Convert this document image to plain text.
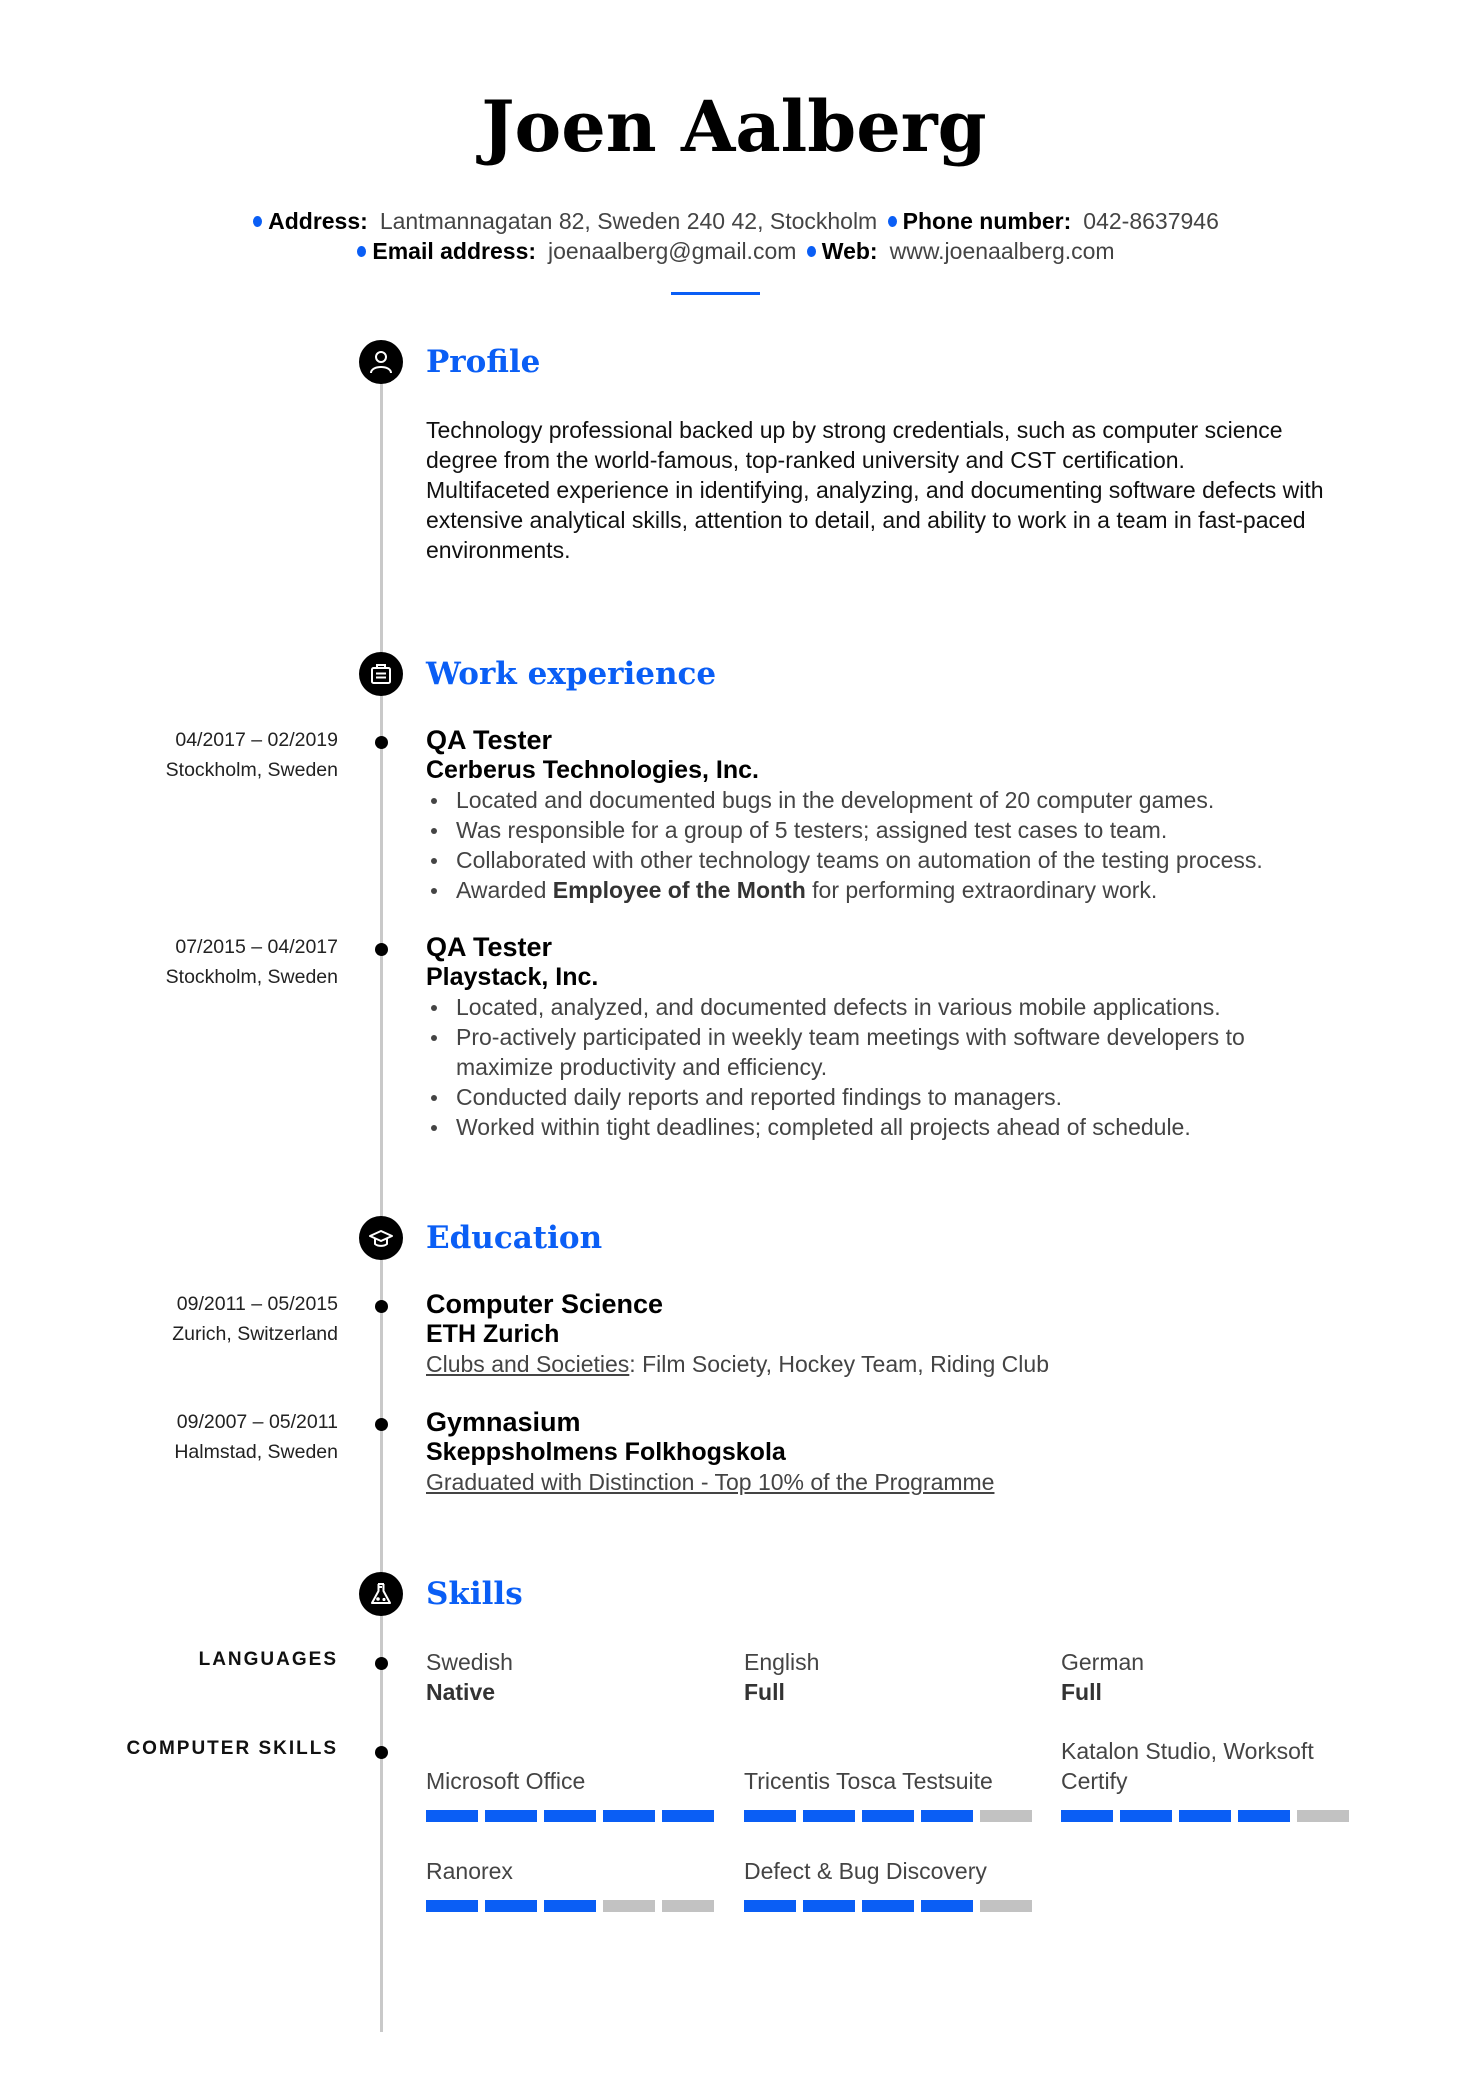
Joen Aalberg
Address: Lantmannagatan 82, Sweden 240 42, Stockholm Phone number: 042-8637946
Email address: joenaalberg@gmail.com Web: www.joenaalberg.com
Profile
Technology professional backed up by strong credentials, such as computer science
degree from the world-famous, top-ranked university and CST certification.
Multifaceted experience in identifying, analyzing, and documenting software defects with
extensive analytical skills, attention to detail, and ability to work in a team in fast-paced
environments.
Work experience
04/2017 – 02/2019
Stockholm, Sweden
QA Tester
Cerberus Technologies, Inc.
Located and documented bugs in the development of 20 computer games.
Was responsible for a group of 5 testers; assigned test cases to team.
Collaborated with other technology teams on automation of the testing process.
Awarded Employee of the Month for performing extraordinary work.
07/2015 – 04/2017
Stockholm, Sweden
QA Tester
Playstack, Inc.
Located, analyzed, and documented defects in various mobile applications.
Pro-actively participated in weekly team meetings with software developers to maximize productivity and efficiency.
Conducted daily reports and reported findings to managers.
Worked within tight deadlines; completed all projects ahead of schedule.
Education
09/2011 – 05/2015
Zurich, Switzerland
Computer Science
ETH Zurich
Clubs and Societies: Film Society, Hockey Team, Riding Club
09/2007 – 05/2011
Halmstad, Sweden
Gymnasium
Skeppsholmens Folkhogskola
Graduated with Distinction - Top 10% of the Programme
Skills
LANGUAGES	Swedish
Native
English
Full
German
Full
COMPUTER SKILLS
Microsoft Office	Tricentis Tosca Testsuite
Katalon Studio, Worksoft Certify
Ranorex	Defect & Bug Discovery
